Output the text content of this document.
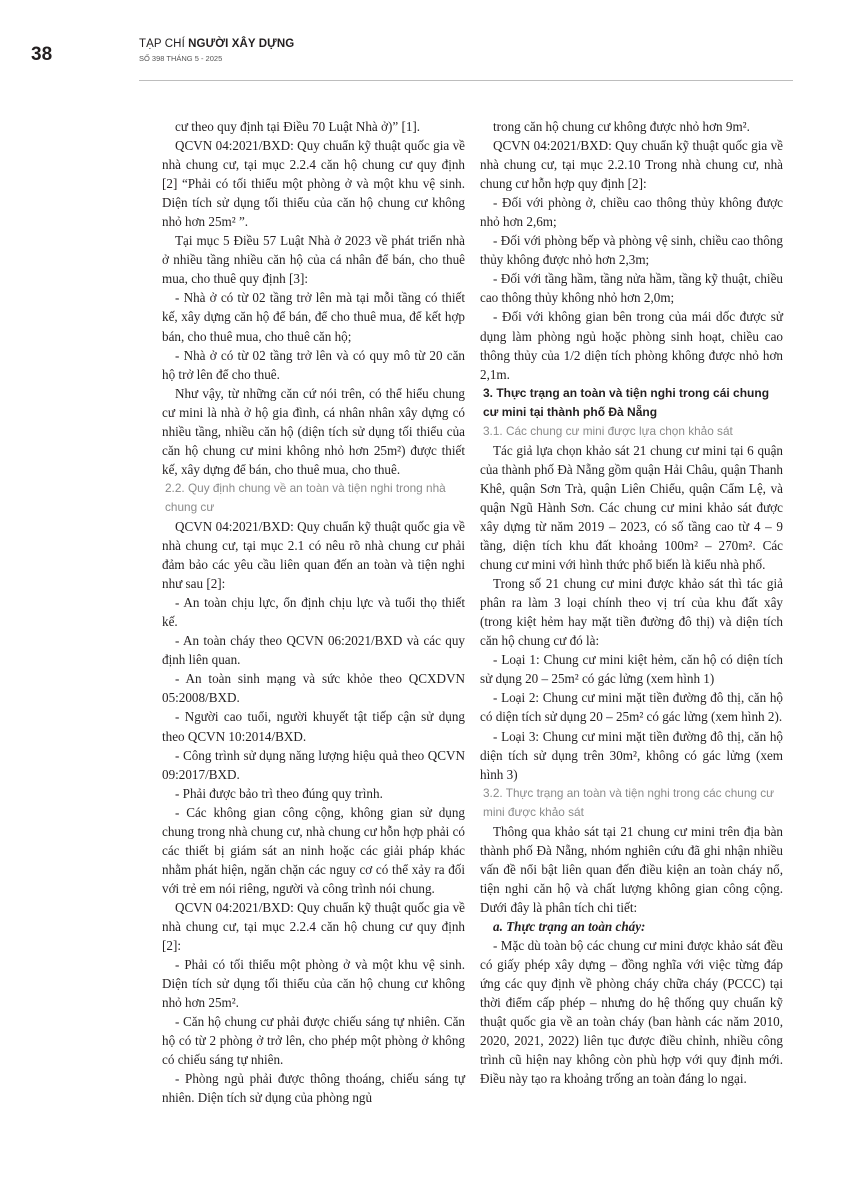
38	TẠP CHÍ NGƯỜI XÂY DỰNG
SỐ 398 THÁNG 5 - 2025

cư theo quy định tại Điều 70 Luật Nhà ở)” [1].

QCVN 04:2021/BXD: Quy chuẩn kỹ thuật quốc gia về nhà chung cư, tại mục 2.2.4 căn hộ chung cư quy định [2] “Phải có tối thiểu một phòng ở và một khu vệ sinh. Diện tích sử dụng tối thiểu của căn hộ chung cư không nhỏ hơn 25m² ”.

Tại mục 5 Điều 57 Luật Nhà ở 2023 về phát triển nhà ở nhiều tầng nhiều căn hộ của cá nhân để bán, cho thuê mua, cho thuê quy định [3]:

- Nhà ở có từ 02 tầng trở lên mà tại mỗi tầng có thiết kế, xây dựng căn hộ để bán, để cho thuê mua, để kết hợp bán, cho thuê mua, cho thuê căn hộ;

- Nhà ở có từ 02 tầng trở lên và có quy mô từ 20 căn hộ trở lên để cho thuê.

Như vậy, từ những căn cứ nói trên, có thể hiểu chung cư mini là nhà ở hộ gia đình, cá nhân nhân xây dựng có nhiều tầng, nhiều căn hộ (diện tích sử dụng tối thiểu của căn hộ chung cư mini không nhỏ hơn 25m²) được thiết kế, xây dựng để bán, cho thuê mua, cho thuê.

2.2. Quy định chung về an toàn và tiện nghi trong nhà chung cư

QCVN 04:2021/BXD: Quy chuẩn kỹ thuật quốc gia về nhà chung cư, tại mục 2.1 có nêu rõ nhà chung cư phải đảm bảo các yêu cầu liên quan đến an toàn và tiện nghi như sau [2]:

- An toàn chịu lực, ổn định chịu lực và tuổi thọ thiết kế.

- An toàn cháy theo QCVN 06:2021/BXD và các quy định liên quan.

- An toàn sinh mạng và sức khỏe theo QCXDVN 05:2008/BXD.

- Người cao tuổi, người khuyết tật tiếp cận sử dụng theo QCVN 10:2014/BXD.

- Công trình sử dụng năng lượng hiệu quả theo QCVN 09:2017/BXD.

- Phải được bảo trì theo đúng quy trình.

- Các không gian công cộng, không gian sử dụng chung trong nhà chung cư, nhà chung cư hỗn hợp phải có các thiết bị giám sát an ninh hoặc các giải pháp khác nhằm phát hiện, ngăn chặn các nguy cơ có thể xảy ra đối với trẻ em nói riêng, người và công trình nói chung.

QCVN 04:2021/BXD: Quy chuẩn kỹ thuật quốc gia về nhà chung cư, tại mục 2.2.4 căn hộ chung cư quy định [2]:

- Phải có tối thiểu một phòng ở và một khu vệ sinh. Diện tích sử dụng tối thiểu của căn hộ chung cư không nhỏ hơn 25m².

- Căn hộ chung cư phải được chiếu sáng tự nhiên. Căn hộ có từ 2 phòng ở trở lên, cho phép một phòng ở không có chiếu sáng tự nhiên.

- Phòng ngủ phải được thông thoáng, chiếu sáng tự nhiên. Diện tích sử dụng của phòng ngủ

trong căn hộ chung cư không được nhỏ hơn 9m².

QCVN 04:2021/BXD: Quy chuẩn kỹ thuật quốc gia về nhà chung cư, tại mục 2.2.10 Trong nhà chung cư, nhà chung cư hỗn hợp quy định [2]:

- Đối với phòng ở, chiều cao thông thủy không được nhỏ hơn 2,6m;

- Đối với phòng bếp và phòng vệ sinh, chiều cao thông thủy không được nhỏ hơn 2,3m;

- Đối với tầng hầm, tầng nửa hầm, tầng kỹ thuật, chiều cao thông thủy không nhỏ hơn 2,0m;

- Đối với không gian bên trong của mái dốc được sử dụng làm phòng ngủ hoặc phòng sinh hoạt, chiều cao thông thủy của 1/2 diện tích phòng không được nhỏ hơn 2,1m.

3. Thực trạng an toàn và tiện nghi trong cái chung cư mini tại thành phố Đà Nẵng

3.1. Các chung cư mini được lựa chọn khảo sát

Tác giả lựa chọn khảo sát 21 chung cư mini tại 6 quận của thành phố Đà Nẵng gồm quận Hải Châu, quận Thanh Khê, quận Sơn Trà, quận Liên Chiểu, quận Cẩm Lệ, và quận Ngũ Hành Sơn. Các chung cư mini khảo sát được xây dựng từ năm 2019 – 2023, có số tầng cao từ 4 – 9 tầng, diện tích khu đất khoảng 100m² – 270m². Các chung cư mini với hình thức phổ biến là kiểu nhà phố.

Trong số 21 chung cư mini được khảo sát thì tác giả phân ra làm 3 loại chính theo vị trí của khu đất xây (trong kiệt hẻm hay mặt tiền đường đô thị) và diện tích căn hộ chung cư đó là:

- Loại 1: Chung cư mini kiệt hẻm, căn hộ có diện tích sử dụng 20 – 25m² có gác lửng (xem hình 1)

- Loại 2: Chung cư mini mặt tiền đường đô thị, căn hộ có diện tích sử dụng 20 – 25m² có gác lửng (xem hình 2).

- Loại 3: Chung cư mini mặt tiền đường đô thị, căn hộ diện tích sử dụng trên 30m², không có gác lửng (xem hình 3)

3.2. Thực trạng an toàn và tiện nghi trong các chung cư mini được khảo sát

Thông qua khảo sát tại 21 chung cư mini trên địa bàn thành phố Đà Nẵng, nhóm nghiên cứu đã ghi nhận nhiều vấn đề nổi bật liên quan đến điều kiện an toàn cháy nổ, tiện nghi căn hộ và chất lượng không gian công cộng. Dưới đây là phân tích chi tiết:

a. Thực trạng an toàn cháy:

- Mặc dù toàn bộ các chung cư mini được khảo sát đều có giấy phép xây dựng – đồng nghĩa với việc từng đáp ứng các quy định về phòng cháy chữa cháy (PCCC) tại thời điểm cấp phép – nhưng do hệ thống quy chuẩn kỹ thuật quốc gia về an toàn cháy (ban hành các năm 2010, 2020, 2021, 2022) liên tục được điều chỉnh, nhiều công trình cũ hiện nay không còn phù hợp với quy định mới. Điều này tạo ra khoảng trống an toàn đáng lo ngại.
